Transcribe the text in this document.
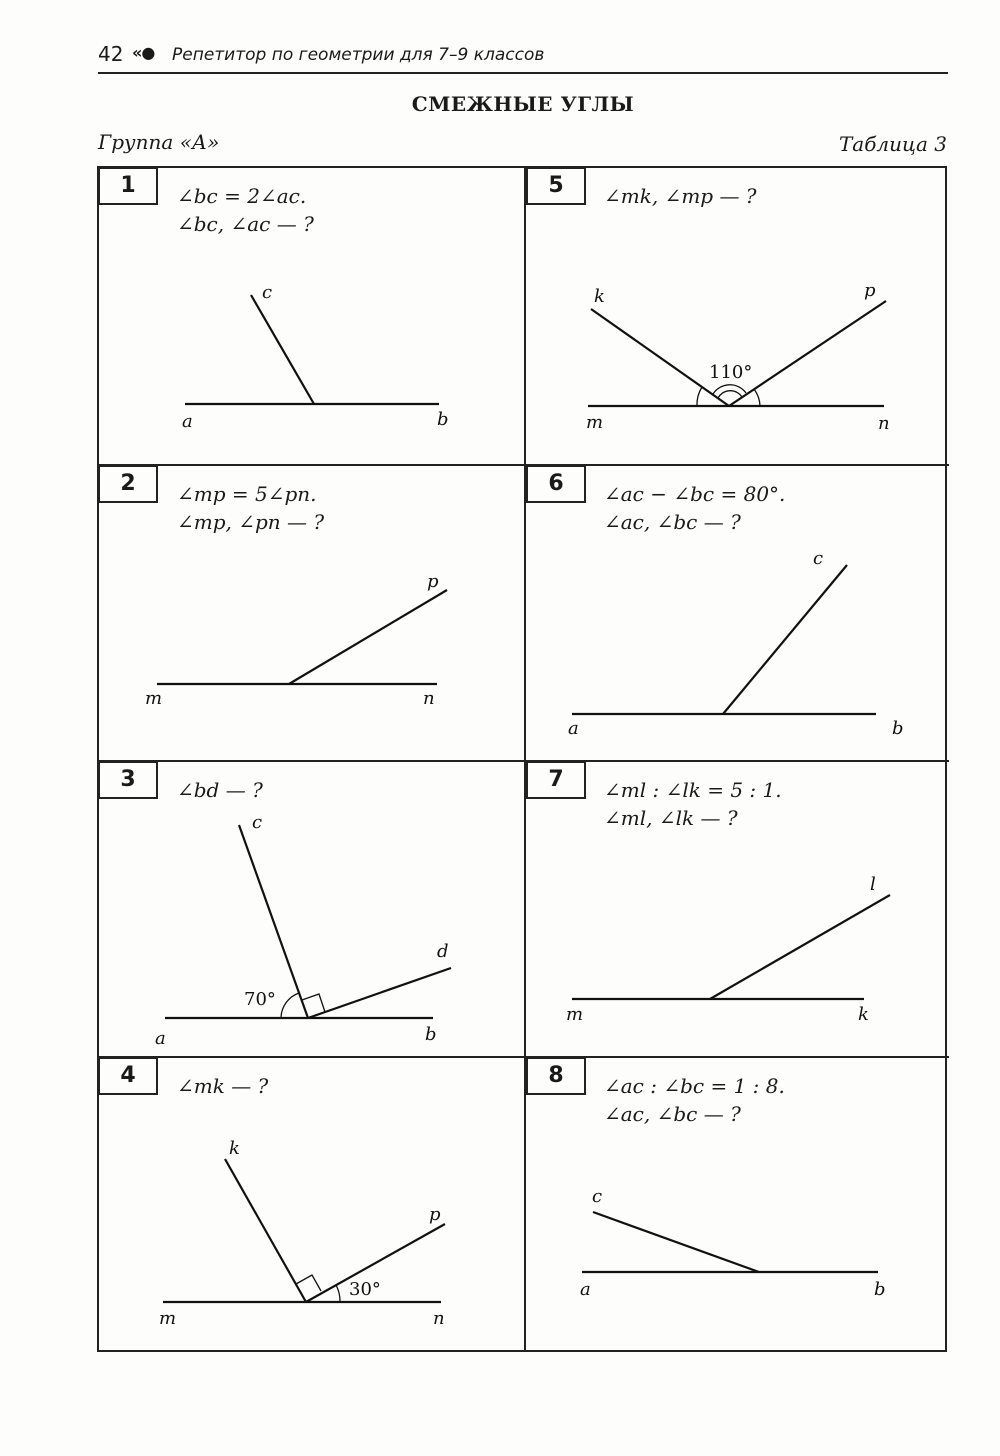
42 «● Репетитор по геометрии для 7–9 классов
СМЕЖНЫЕ УГЛЫ
Группа «А»	Таблица 3
1	∠bc = 2∠ac.
∠bc, ∠ac — ?
a	b
c
5	∠mk, ∠mp — ?
110°
m	n
k	p
2	∠mp = 5∠pn.
∠mp, ∠pn — ?
m	n
p
6	∠ac − ∠bc = 80°.
∠ac, ∠bc — ?
a	b
c
3	∠bd — ?
70°
a	b
c
d
7	∠ml : ∠lk = 5 : 1.
∠ml, ∠lk — ?
m	k
l
4	∠mk — ?
30°
m	n
k
p
8	∠ac : ∠bc = 1 : 8.
∠ac, ∠bc — ?
a	b
c
